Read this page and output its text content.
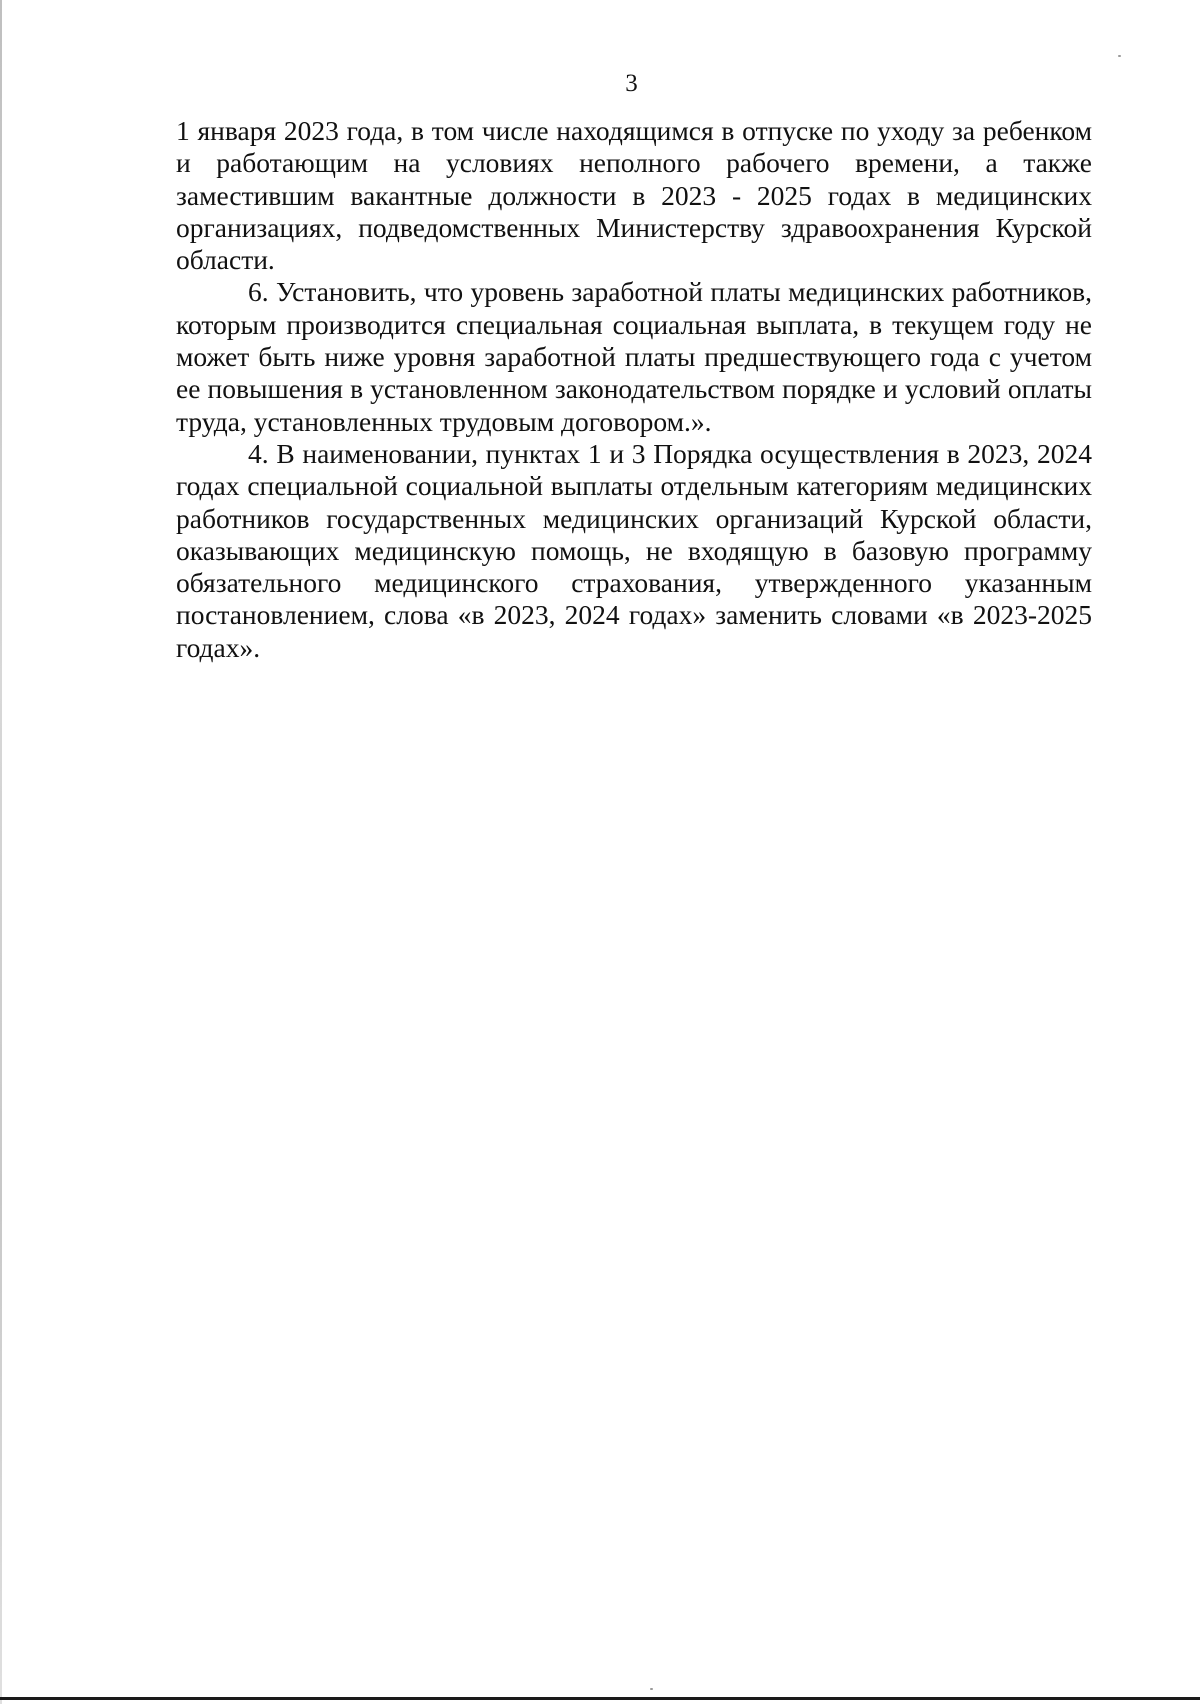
3

1 января 2023 года, в том числе находящимся в отпуске по уходу за ребенком и работающим на условиях неполного рабочего времени, а также заместившим вакантные должности в 2023 - 2025 годах в медицинских организациях, подведомственных Министерству здравоохранения Курской области.

6. Установить, что уровень заработной платы медицинских работников, которым производится специальная социальная выплата, в текущем году не может быть ниже уровня заработной платы предшествующего года с учетом ее повышения в установленном законодательством порядке и условий оплаты труда, установленных трудовым договором.».

4. В наименовании, пунктах 1 и 3 Порядка осуществления в 2023, 2024 годах специальной социальной выплаты отдельным категориям медицинских работников государственных медицинских организаций Курской области, оказывающих медицинскую помощь, не входящую в базовую программу обязательного медицинского страхования, утвержденного указанным постановлением, слова «в 2023, 2024 годах» заменить словами «в 2023-2025 годах».
